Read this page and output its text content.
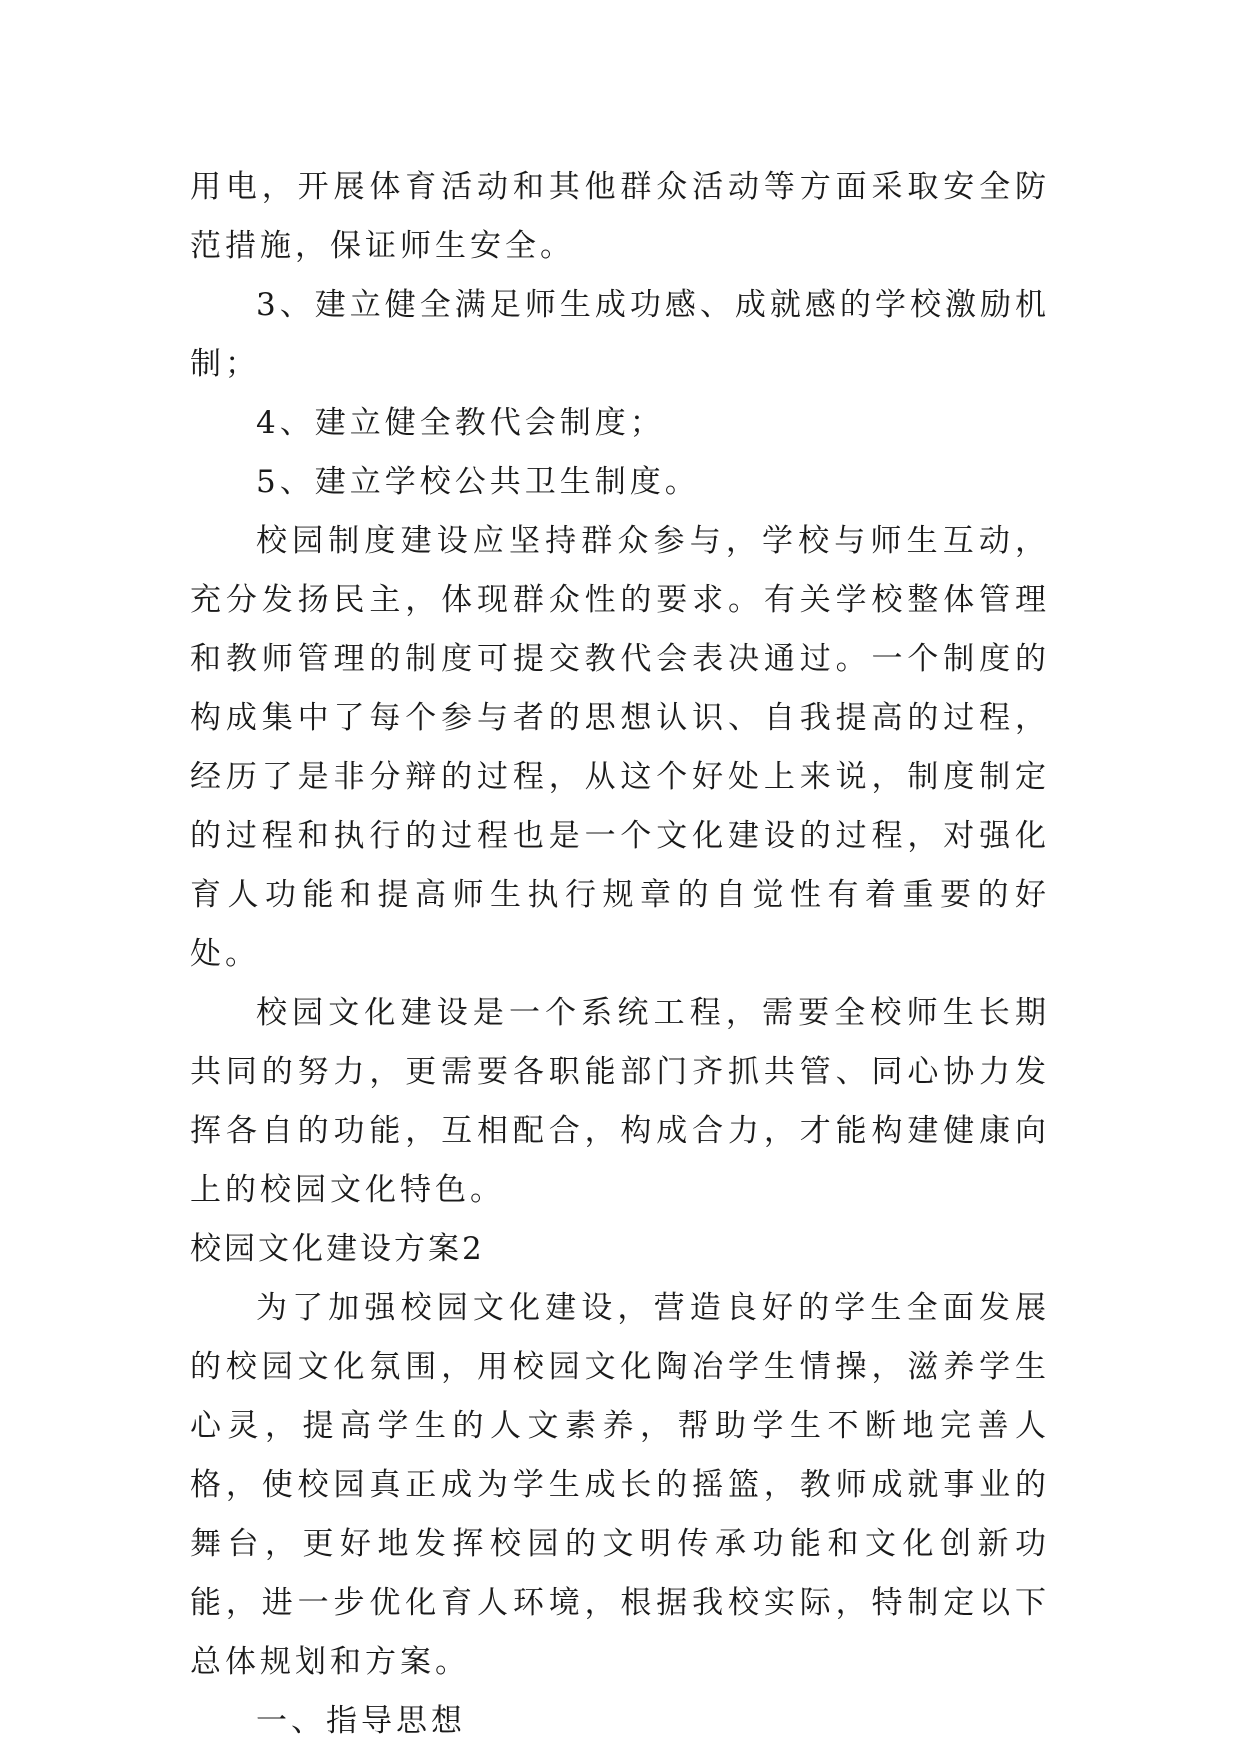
用电，开展体育活动和其他群众活动等方面采取安全防范措施，保证师生安全。

3、建立健全满足师生成功感、成就感的学校激励机制；

4、建立健全教代会制度；

5、建立学校公共卫生制度。

校园制度建设应坚持群众参与，学校与师生互动，充分发扬民主，体现群众性的要求。有关学校整体管理和教师管理的制度可提交教代会表决通过。一个制度的构成集中了每个参与者的思想认识、自我提高的过程，经历了是非分辩的过程，从这个好处上来说，制度制定的过程和执行的过程也是一个文化建设的过程，对强化育人功能和提高师生执行规章的自觉性有着重要的好处。

校园文化建设是一个系统工程，需要全校师生长期共同的努力，更需要各职能部门齐抓共管、同心协力发挥各自的功能，互相配合，构成合力，才能构建健康向上的校园文化特色。

校园文化建设方案2

为了加强校园文化建设，营造良好的学生全面发展的校园文化氛围，用校园文化陶冶学生情操，滋养学生心灵，提高学生的人文素养，帮助学生不断地完善人格，使校园真正成为学生成长的摇篮，教师成就事业的舞台，更好地发挥校园的文明传承功能和文化创新功能，进一步优化育人环境，根据我校实际，特制定以下总体规划和方案。

一、指导思想
